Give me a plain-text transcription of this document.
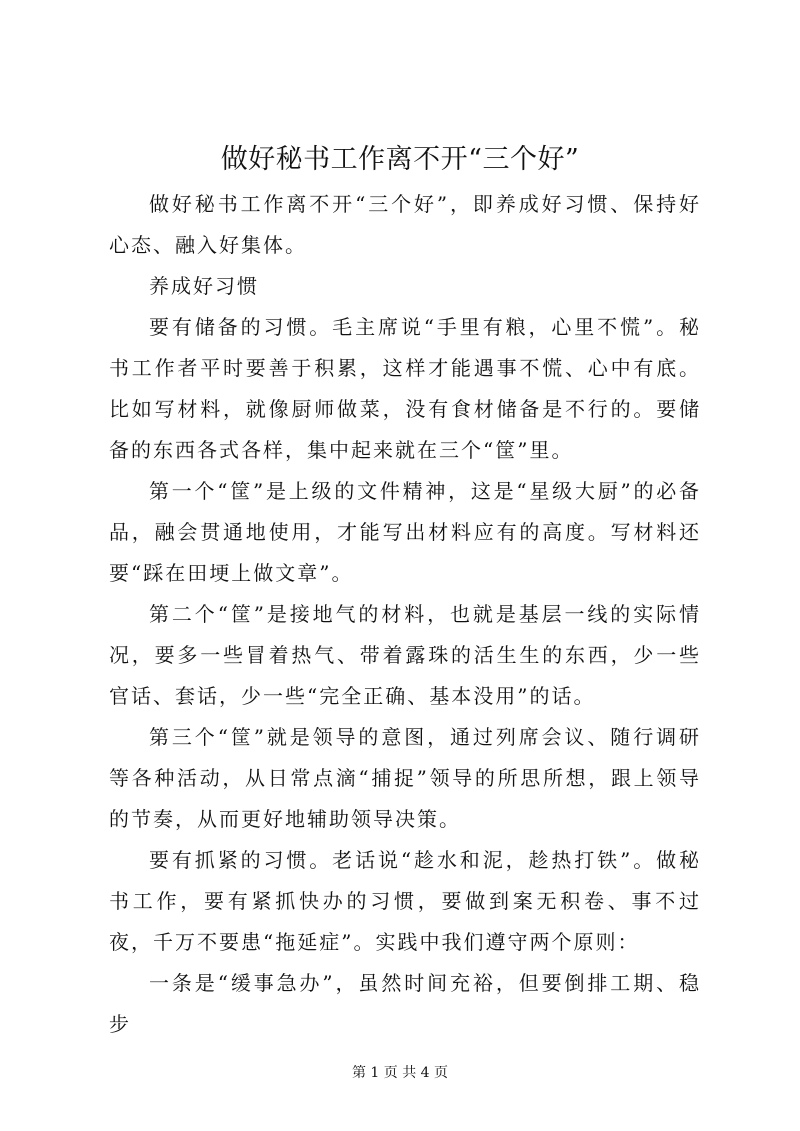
做好秘书工作离不开“三个好”

做好秘书工作离不开“三个好”，即养成好习惯、保持好心态、融入好集体。

养成好习惯

要有储备的习惯。毛主席说“手里有粮，心里不慌”。秘书工作者平时要善于积累，这样才能遇事不慌、心中有底。比如写材料，就像厨师做菜，没有食材储备是不行的。要储备的东西各式各样，集中起来就在三个“筐”里。

第一个“筐”是上级的文件精神，这是“星级大厨”的必备品，融会贯通地使用，才能写出材料应有的高度。写材料还要“踩在田埂上做文章”。

第二个“筐”是接地气的材料，也就是基层一线的实际情况，要多一些冒着热气、带着露珠的活生生的东西，少一些官话、套话，少一些“完全正确、基本没用”的话。

第三个“筐”就是领导的意图，通过列席会议、随行调研等各种活动，从日常点滴“捕捉”领导的所思所想，跟上领导的节奏，从而更好地辅助领导决策。

要有抓紧的习惯。老话说“趁水和泥，趁热打铁”。做秘书工作，要有紧抓快办的习惯，要做到案无积卷、事不过夜，千万不要患“拖延症”。实践中我们遵守两个原则：

一条是“缓事急办”，虽然时间充裕，但要倒排工期、稳步

第 1 页 共 4 页
